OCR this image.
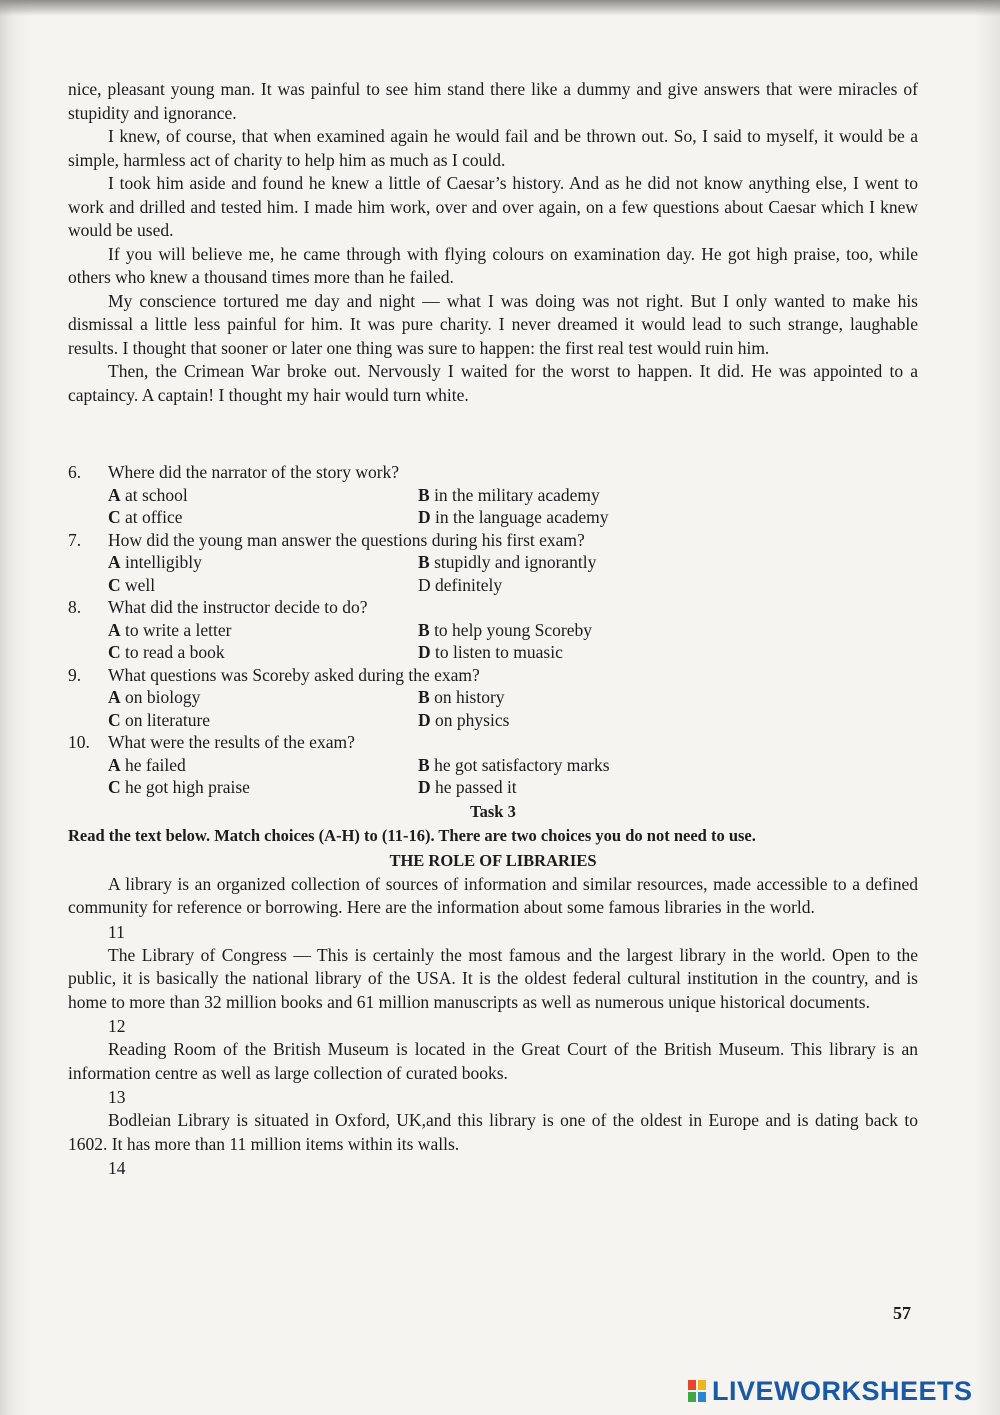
nice, pleasant young man. It was painful to see him stand there like a dummy and give answers that were miracles of stupidity and ignorance.

I knew, of course, that when examined again he would fail and be thrown out. So, I said to myself, it would be a simple, harmless act of charity to help him as much as I could.

I took him aside and found he knew a little of Caesar’s history. And as he did not know anything else, I went to work and drilled and tested him. I made him work, over and over again, on a few questions about Caesar which I knew would be used.

If you will believe me, he came through with flying colours on examination day. He got high praise, too, while others who knew a thousand times more than he failed.

My conscience tortured me day and night — what I was doing was not right. But I only wanted to make his dismissal a little less painful for him. It was pure charity. I never dreamed it would lead to such strange, laughable results. I thought that sooner or later one thing was sure to happen: the first real test would ruin him.

Then, the Crimean War broke out. Nervously I waited for the worst to happen. It did. He was appointed to a captaincy. A captain! I thought my hair would turn white.

6.	Where did the narrator of the story work?
A at school	B in the military academy
C at office	D in the language academy
7.	How did the young man answer the questions during his first exam?
A intelligibly	B stupidly and ignorantly
C well	D definitely
8.	What did the instructor decide to do?
A to write a letter	B to help young Scoreby
C to read a book	D to listen to muasic
9.	What questions was Scoreby asked during the exam?
A on biology	B on history
C on literature	D on physics
10.	What were the results of the exam?
A he failed	B he got satisfactory marks
C he got high praise	D he passed it
Task 3
Read the text below. Match choices (A-H) to (11-16). There are two choices you do not need to use.
THE ROLE OF LIBRARIES

A library is an organized collection of sources of information and similar resources, made accessible to a defined community for reference or borrowing. Here are the information about some famous libraries in the world.

11

The Library of Congress — This is certainly the most famous and the largest library in the world. Open to the public, it is basically the national library of the USA. It is the oldest federal cultural institution in the country, and is home to more than 32 million books and 61 million manuscripts as well as numerous unique historical documents.

12

Reading Room of the British Museum is located in the Great Court of the British Museum. This library is an information centre as well as large collection of curated books.

13

Bodleian Library is situated in Oxford, UK,and this library is one of the oldest in Europe and is dating back to 1602. It has more than 11 million items within its walls.

14
57
LIVEWORKSHEETS
